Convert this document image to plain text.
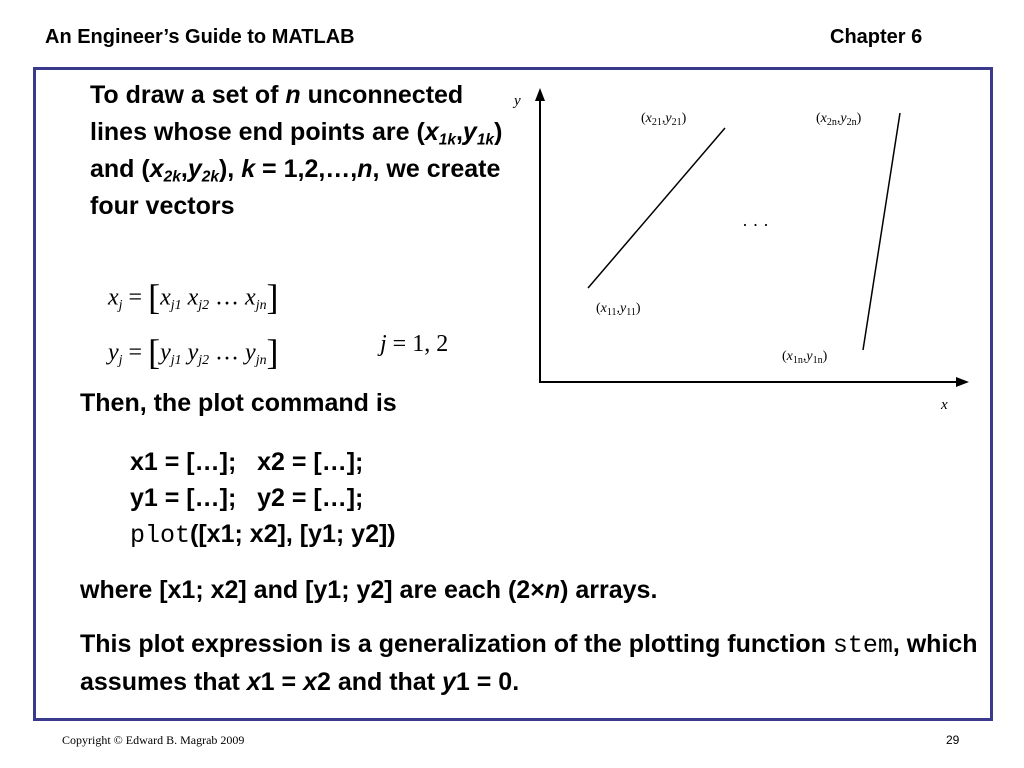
An Engineer’s Guide to MATLAB	Chapter 6
To draw a set of n unconnected lines whose end points are $(x_{1k},y_{1k})$ and $(x_{2k},y_{2k})$, k = 1,2,…,n, we create four vectors
$x_j = [x_{j1}$ $x_{j2}$ … $x_{jn}$]
$y_j = [y_{j1}$ $y_{j2}$ … $y_{jn}$]	j = 1, 2
y
x
· · ·
$(x_{21},y_{21})$	$(x_{2n},y_{2n})$
$(x_{11},y_{11})$
$(x_{1n},y_{1n})$
Then, the plot command is
x1 = […];   x2 = […];
y1 = […];   y2 = […];
plot([x1; x2], [y1; y2])
where [x1; x2] and [y1; y2] are each (2×n) arrays.
This plot expression is a generalization of the plotting function stem, which assumes that x1 = x2 and that y1 = 0.
Copyright © Edward B. Magrab 2009	29
